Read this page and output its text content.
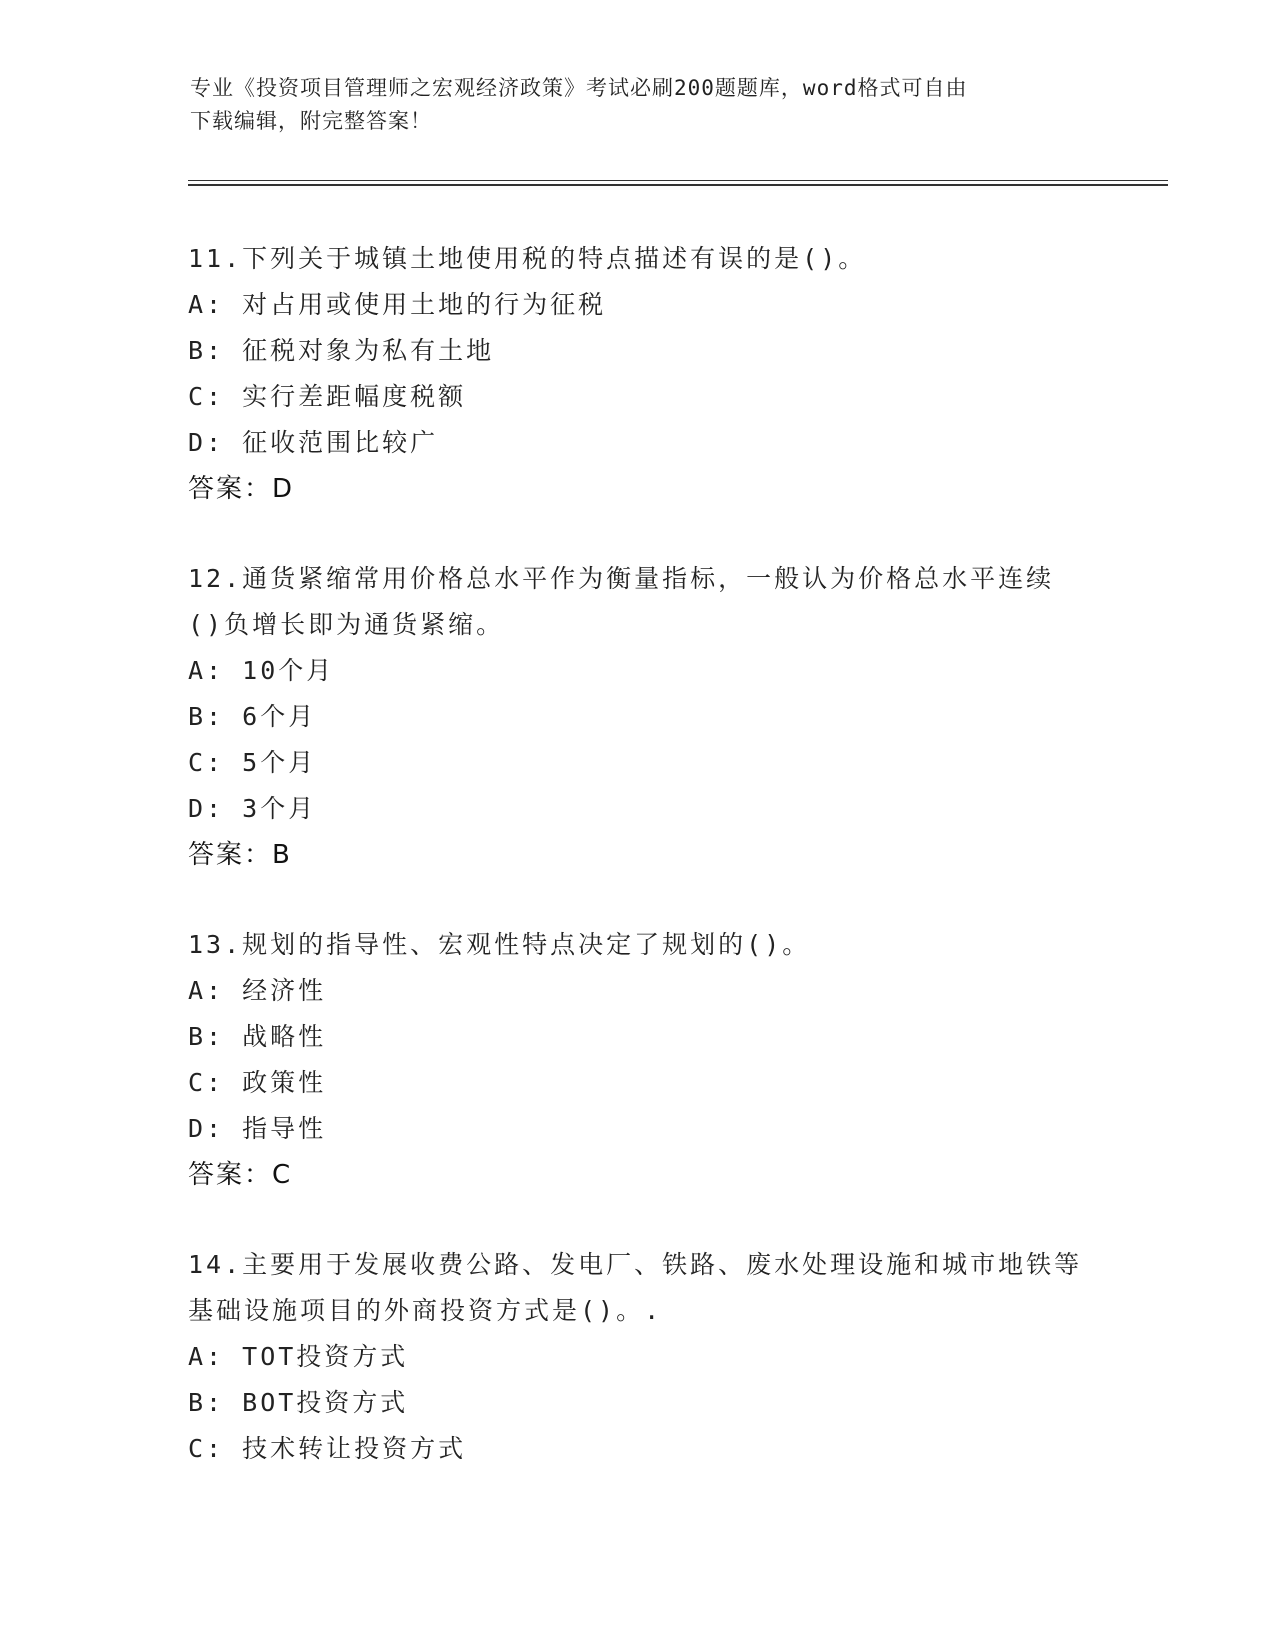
专业《投资项目管理师之宏观经济政策》考试必刷200题题库，word格式可自由
下载编辑，附完整答案！
11.下列关于城镇土地使用税的特点描述有误的是()。
A: 对占用或使用土地的行为征税
B: 征税对象为私有土地
C: 实行差距幅度税额
D: 征收范围比较广
答案：D
12.通货紧缩常用价格总水平作为衡量指标，一般认为价格总水平连续()负增长即为通货紧缩。
A: 10个月
B: 6个月
C: 5个月
D: 3个月
答案：B
13.规划的指导性、宏观性特点决定了规划的()。
A: 经济性
B: 战略性
C: 政策性
D: 指导性
答案：C
14.主要用于发展收费公路、发电厂、铁路、废水处理设施和城市地铁等基础设施项目的外商投资方式是()。.
A: TOT投资方式
B: BOT投资方式
C: 技术转让投资方式
